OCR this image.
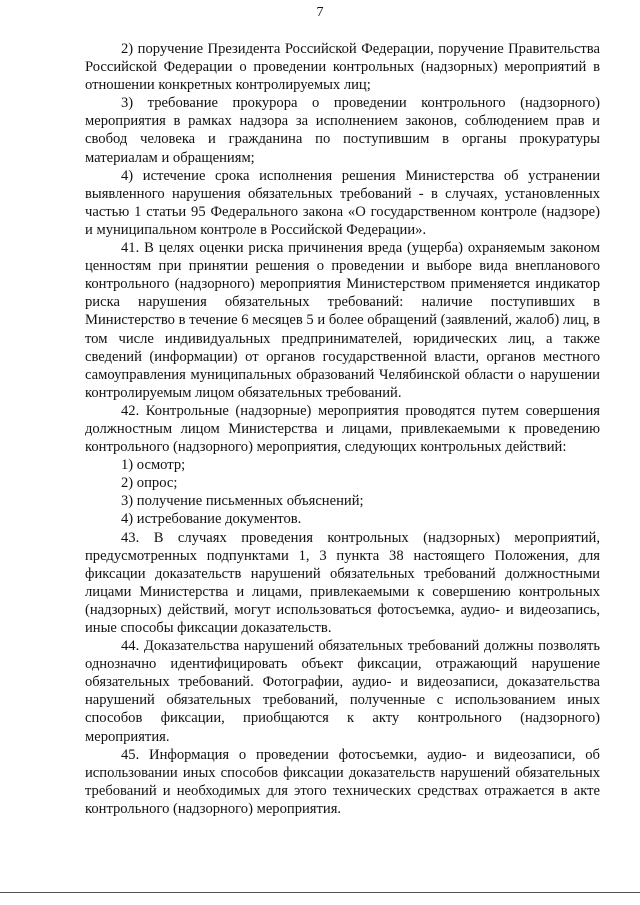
7

2) поручение Президента Российской Федерации, поручение Правительства Российской Федерации о проведении контрольных (надзорных) мероприятий в отношении конкретных контролируемых лиц;

3) требование прокурора о проведении контрольного (надзорного) мероприятия в рамках надзора за исполнением законов, соблюдением прав и свобод человека и гражданина по поступившим в органы прокуратуры материалам и обращениям;

4) истечение срока исполнения решения Министерства об устранении выявленного нарушения обязательных требований - в случаях, установленных частью 1 статьи 95 Федерального закона «О государственном контроле (надзоре) и муниципальном контроле в Российской Федерации».

41. В целях оценки риска причинения вреда (ущерба) охраняемым законом ценностям при принятии решения о проведении и выборе вида внепланового контрольного (надзорного) мероприятия Министерством применяется индикатор риска нарушения обязательных требований: наличие поступивших в Министерство в течение 6 месяцев 5 и более обращений (заявлений, жалоб) лиц, в том числе индивидуальных предпринимателей, юридических лиц, а также сведений (информации) от органов государственной власти, органов местного самоуправления муниципальных образований Челябинской области о нарушении контролируемым лицом обязательных требований.

42. Контрольные (надзорные) мероприятия проводятся путем совершения должностным лицом Министерства и лицами, привлекаемыми к проведению контрольного (надзорного) мероприятия, следующих контрольных действий:

1) осмотр;

2) опрос;

3) получение письменных объяснений;

4) истребование документов.

43. В случаях проведения контрольных (надзорных) мероприятий, предусмотренных подпунктами 1, 3 пункта 38 настоящего Положения, для фиксации доказательств нарушений обязательных требований должностными лицами Министерства и лицами, привлекаемыми к совершению контрольных (надзорных) действий, могут использоваться фотосъемка, аудио- и видеозапись, иные способы фиксации доказательств.

44. Доказательства нарушений обязательных требований должны позволять однозначно идентифицировать объект фиксации, отражающий нарушение обязательных требований. Фотографии, аудио- и видеозаписи, доказательства нарушений обязательных требований, полученные с использованием иных способов фиксации, приобщаются к акту контрольного (надзорного) мероприятия.

45. Информация о проведении фотосъемки, аудио- и видеозаписи, об использовании иных способов фиксации доказательств нарушений обязательных требований и необходимых для этого технических средствах отражается в акте контрольного (надзорного) мероприятия.
